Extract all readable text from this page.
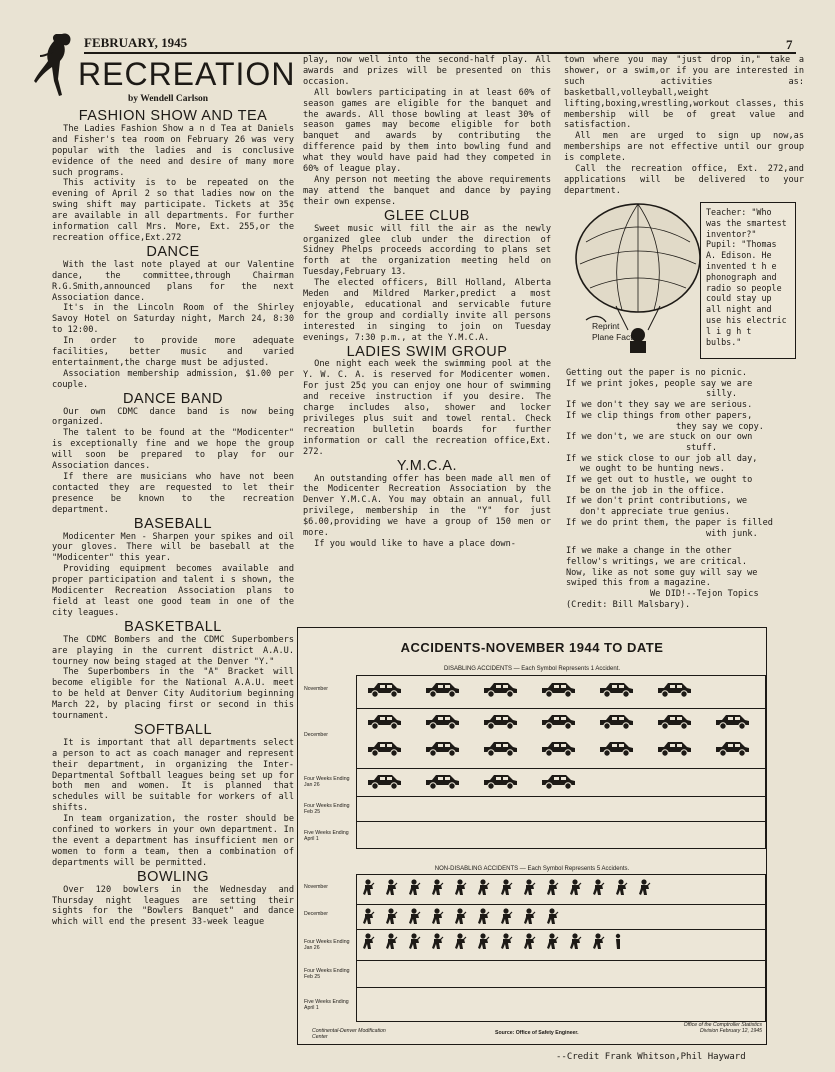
FEBRUARY, 1945	7
RECREATION
by Wendell Carlson
FASHION SHOW AND TEA

The Ladies Fashion Show a n d Tea at Daniels and Fisher's tea room on February 26 was very popular with the ladies and is conclusive evidence of the need and desire of many more such programs.

This activity is to be repeated on the evening of April 2 so that ladies now on the swing shift may participate. Tickets at 35¢ are available in all departments. For further information call Mrs. More, Ext. 255,or the recreation office,Ext.272

DANCE

With the last note played at our Valentine dance, the committee,through Chairman R.G.Smith,announced plans for the next Association dance.

It's in the Lincoln Room of the Shirley Savoy Hotel on Saturday night, March 24, 8:30 to 12:00.

In order to provide more adequate facilities, better music and varied entertainment,the charge must be adjusted.

Association membership admission, $1.00 per couple.

DANCE BAND

Our own CDMC dance band is now being organized.

The talent to be found at the "Modicenter" is exceptionally fine and we hope the group will soon be prepared to play for our Association dances.

If there are musicians who have not been contacted they are requested to let their presence be known to the recreation department.

BASEBALL

Modicenter Men - Sharpen your spikes and oil your gloves. There will be baseball at the "Modicenter" this year.

Providing equipment becomes available and proper participation and talent i s shown, the Modicenter Recreation Association plans to field at least one good team in one of the city leagues.

BASKETBALL

The CDMC Bombers and the CDMC Superbombers are playing in the current district A.A.U. tourney now being staged at the Denver "Y."

The Superbombers in the "A" Bracket will become eligible for the National A.A.U. meet to be held at Denver City Auditorium beginning March 22, by placing first or second in this tournament.

SOFTBALL

It is important that all departments select a person to act as coach manager and represent their department, in organizing the Inter-Departmental Softball leagues being set up for both men and women. It is planned that schedules will be suitable for workers of all shifts.

In team organization, the roster should be confined to workers in your own department. In the event a department has insufficient men or women to form a team, then a combination of departments will be permitted.

BOWLING

Over 120 bowlers in the Wednesday and Thursday night leagues are setting their sights for the "Bowlers Banquet" and dance which will end the present 33-week league

play, now well into the second-half play. All awards and prizes will be presented on this occasion.

All bowlers participating in at least 60% of season games are eligible for the banquet and the awards. All those bowling at least 30% of season games may become eligible for both banquet and awards by contributing the difference paid by them into bowling fund and what they would have paid had they competed in 60% of league play.

Any person not meeting the above requirements may attend the banquet and dance by paying their own expense.

GLEE CLUB

Sweet music will fill the air as the newly organized glee club under the direction of Sidney Phelps proceeds according to plans set forth at the organization meeting held on Tuesday,February 13.

The elected officers, Bill Holland, Alberta Meden and Mildred Marker,predict a most enjoyable, educational and servicable future for the group and cordially invite all persons interested in singing to join on Tuesday evenings, 7:30 p.m., at the Y.M.C.A.

LADIES SWIM GROUP

One night each week the swimming pool at the Y. W. C. A. is reserved for Modicenter women. For just 25¢ you can enjoy one hour of swimming and receive instruction if you desire. The charge includes also, shower and locker privileges plus suit and towel rental. Check recreation bulletin boards for further information or call the recreation office,Ext. 272.

Y.M.C.A.

An outstanding offer has been made all men of the Modicenter Recreation Association by the Denver Y.M.C.A. You may obtain an annual, full privilege, membership in the "Y" for just $6.00,providing we have a group of 150 men or more.

If you would like to have a place down-

town where you may "just drop in," take a shower, or a swim,or if you are interested in such activities as: basketball,volleyball,weight lifting,boxing,wrestling,workout classes, this membership will be of great value and satisfaction.

All men are urged to sign up now,as memberships are not effective until our group is complete.

Call the recreation office, Ext. 272,and applications will be delivered to your department.

Teacher: "Who was the smartest inventor?" Pupil: "Thomas A. Edison. He invented t h e phonograph and radio so people could stay up all night and use his electric l i g h t bulbs."

Reprint
Plane Facts

Getting out the paper is no picnic.

If we print jokes, people say we are

silly.

If we don't they say we are serious.

If we clip things from other papers,

they say we copy.

If we don't, we are stuck on our own

stuff.

If we stick close to our job all day,

we ought to be hunting news.

If we get out to hustle, we ought to

be on the job in the office.

If we don't print contributions, we

don't appreciate true genius.

If we do print them, the paper is filled

with junk.

If we make a change in the other

fellow's writings, we are critical.

Now, like as not some guy will say we

swiped this from a magazine.

We DID!--Tejon Topics

(Credit: Bill Malsbary).

ACCIDENTS-NOVEMBER 1944 TO DATE
DISABLING ACCIDENTS — Each Symbol Represents 1 Accident.
NON-DISABLING ACCIDENTS — Each Symbol Represents 5 Accidents.
November
December
Four Weeks Ending Jan 26
Four Weeks Ending Feb 25
Five Weeks Ending April 1
November
December
Four Weeks Ending Jan 26
Four Weeks Ending Feb 25
Five Weeks Ending April 1
Continental-Denver Modification Center
Source: Office of Safety Engineer.
Office of the Comptroller Statistics Division February 12, 1945
--Credit Frank Whitson,Phil Hayward
